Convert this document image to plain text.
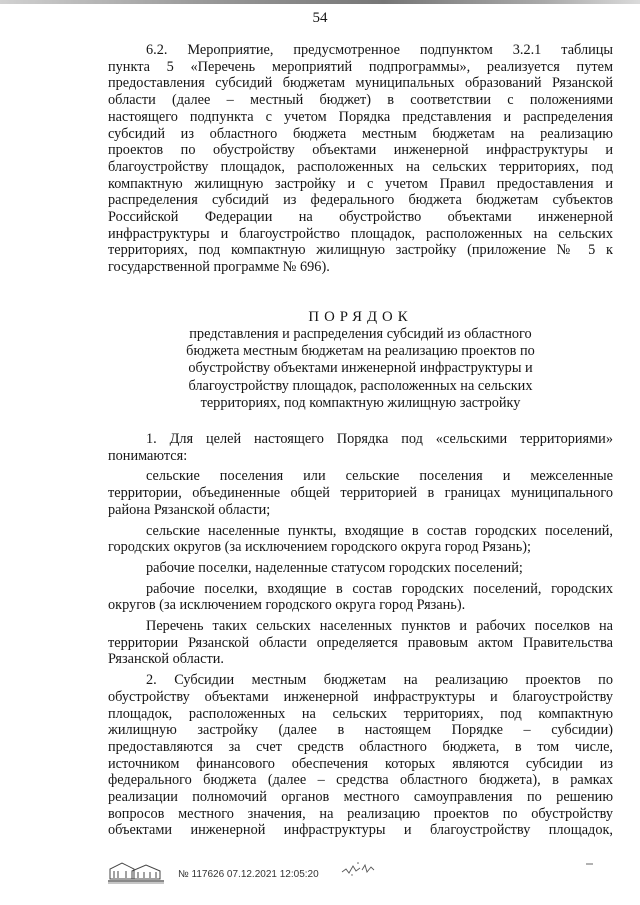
54
6.2. Мероприятие, предусмотренное подпунктом 3.2.1 таблицы
пункта 5 «Перечень мероприятий подпрограммы», реализуется путем
предоставления субсидий бюджетам муниципальных образований Рязанской
области (далее – местный бюджет) в соответствии с положениями
настоящего подпункта с учетом Порядка представления и распределения
субсидий из областного бюджета местным бюджетам на реализацию
проектов по обустройству объектами инженерной инфраструктуры и
благоустройству площадок, расположенных на сельских территориях, под
компактную жилищную застройку и с учетом Правил предоставления и
распределения субсидий из федерального бюджета бюджетам субъектов
Российской Федерации на обустройство объектами инженерной
инфраструктуры и благоустройство площадок, расположенных на сельских
территориях, под компактную жилищную застройку (приложение № 5 к
государственной программе № 696).
ПОРЯДОК
представления и распределения субсидий из областного
бюджета местным бюджетам на реализацию проектов по
обустройству объектами инженерной инфраструктуры и
благоустройству площадок, расположенных на сельских
территориях, под компактную жилищную застройку
1. Для целей настоящего Порядка под «сельскими территориями»
понимаются:
сельские поселения или сельские поселения и межселенные
территории, объединенные общей территорией в границах муниципального
района Рязанской области;
сельские населенные пункты, входящие в состав городских поселений,
городских округов (за исключением городского округа город Рязань);
рабочие поселки, наделенные статусом городских поселений;
рабочие поселки, входящие в состав городских поселений, городских
округов (за исключением городского округа город Рязань).
Перечень таких сельских населенных пунктов и рабочих поселков на
территории Рязанской области определяется правовым актом Правительства
Рязанской области.
2. Субсидии местным бюджетам на реализацию проектов по
обустройству объектами инженерной инфраструктуры и благоустройству
площадок, расположенных на сельских территориях, под компактную
жилищную застройку (далее в настоящем Порядке – субсидии)
предоставляются за счет средств областного бюджета, в том числе,
источником финансового обеспечения которых являются субсидии из
федерального бюджета (далее – средства областного бюджета), в рамках
реализации полномочий органов местного самоуправления по решению
вопросов местного значения, на реализацию проектов по обустройству
объектами инженерной инфраструктуры и благоустройству площадок,
№ 117626 07.12.2021 12:05:20
